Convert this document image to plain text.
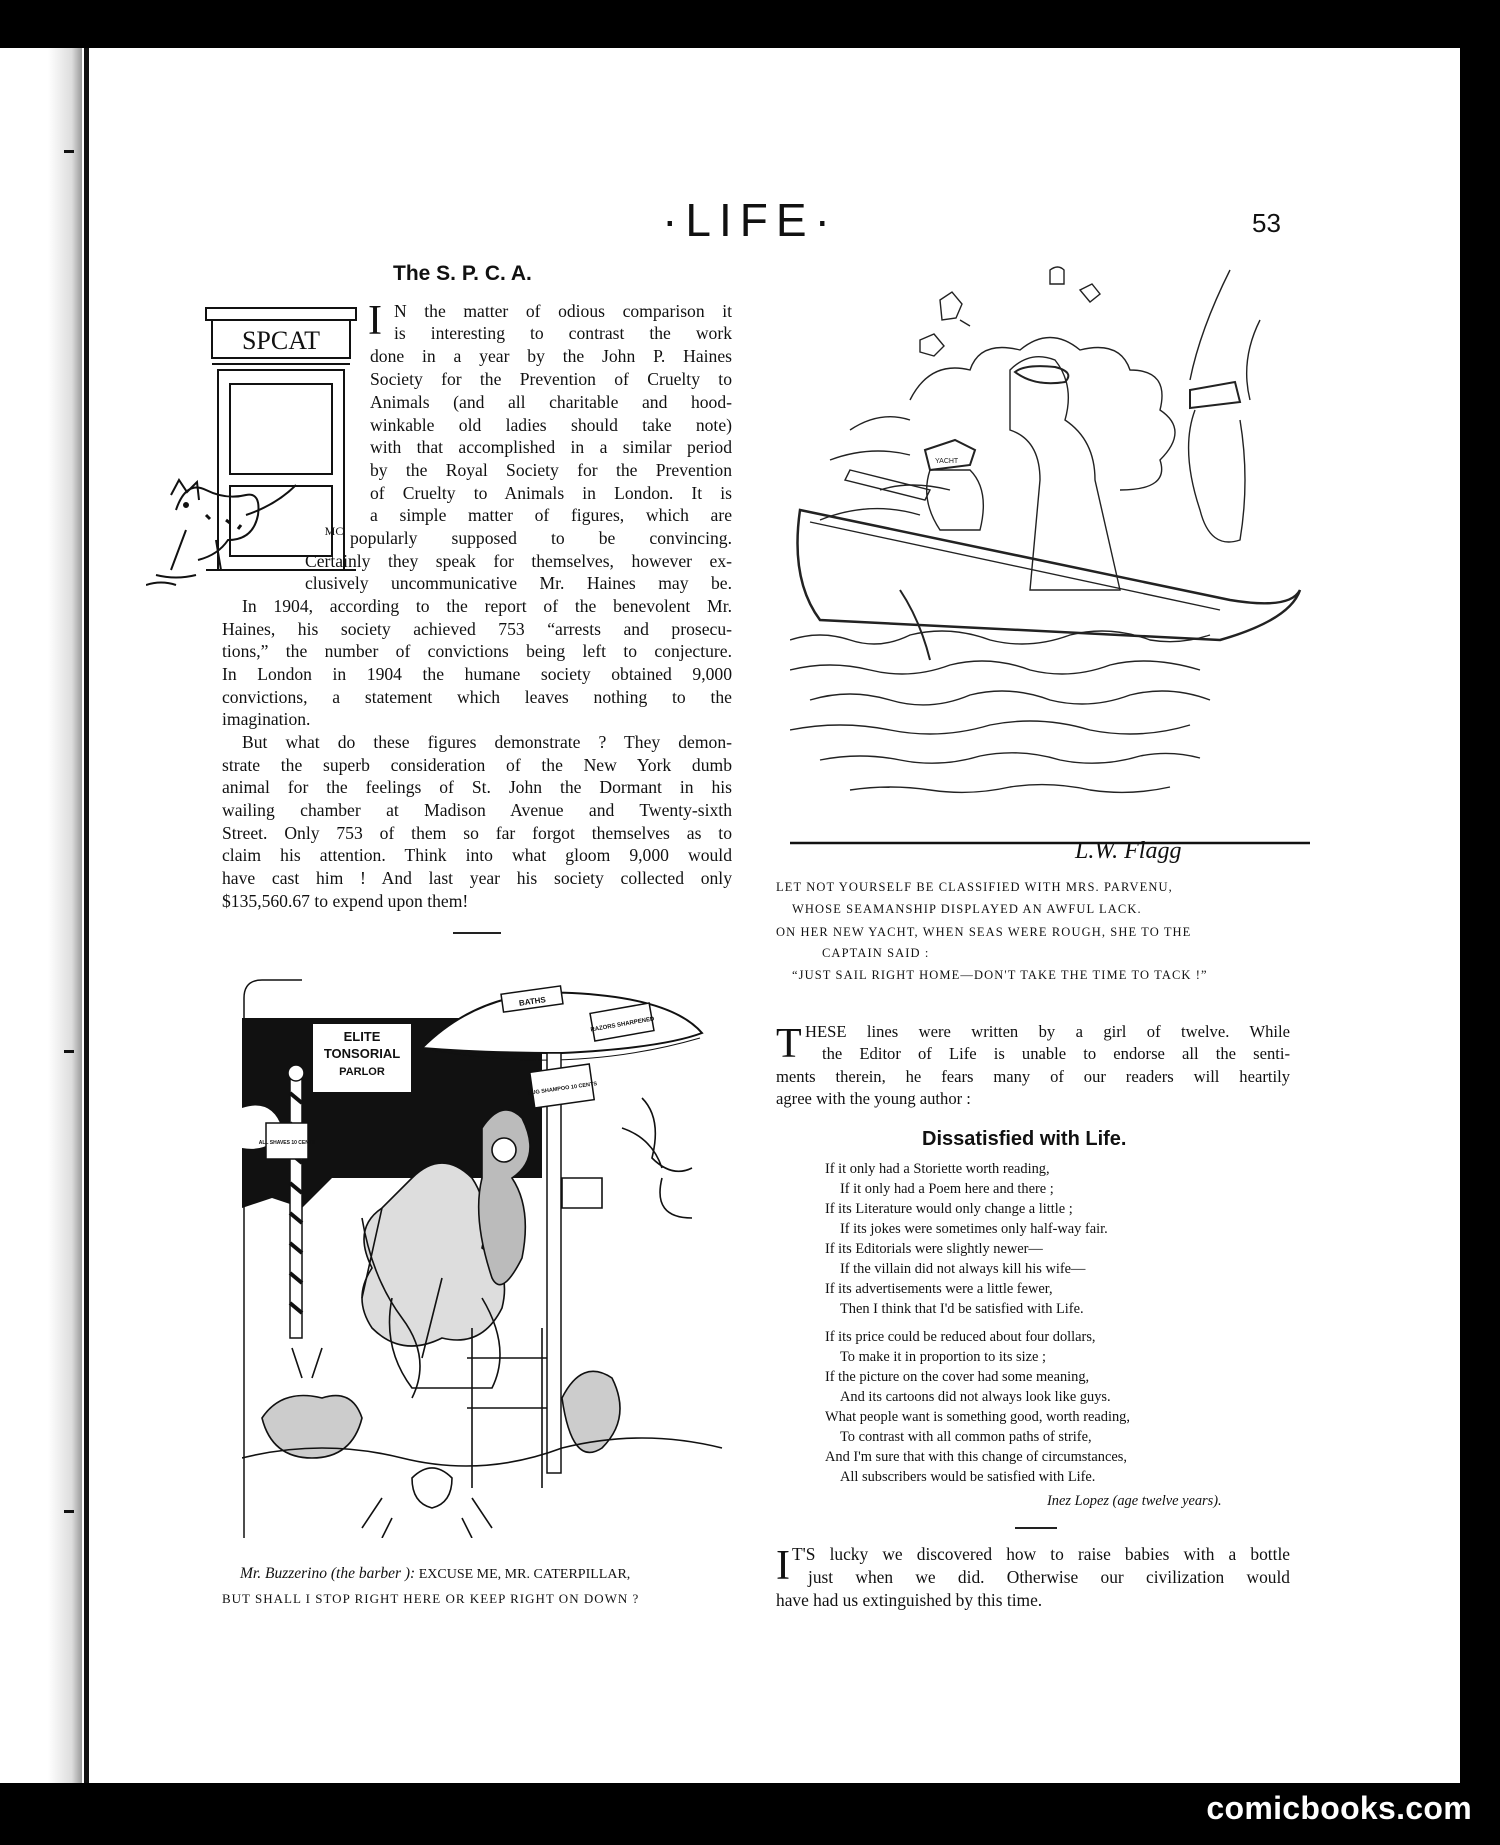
·LIFE·	53
The S. P. C. A.
SPCAT
MC
I N the matter of odious comparison it
is interesting to contrast the work
done in a year by the John P. Haines
Society for the Prevention of Cruelty to
Animals (and all charitable and hood-
winkable old ladies should take note)
with that accomplished in a similar period
by the Royal Society for the Prevention
of Cruelty to Animals in London. It is
a simple matter of figures, which are
popularly supposed to be convincing.
Certainly they speak for themselves, however ex-
clusively uncommunicative Mr. Haines may be.
In 1904, according to the report of the benevolent Mr.
Haines, his society achieved 753 “arrests and prosecu-
tions,” the number of convictions being left to conjecture.
In London in 1904 the humane society obtained 9,000
convictions, a statement which leaves nothing to the
imagination.
But what do these figures demonstrate ? They demon-
strate the superb consideration of the New York dumb
animal for the feelings of St. John the Dormant in his
wailing chamber at Madison Avenue and Twenty-sixth
Street. Only 753 of them so far forgot themselves as to
claim his attention. Think into what gloom 9,000 would
have cast him ! And last year his society collected only
$135,560.67 to expend upon them!
YACHT
L.W. Flagg
LET NOT YOURSELF BE CLASSIFIED WITH MRS. PARVENU,
WHOSE SEAMANSHIP DISPLAYED AN AWFUL LACK.
ON HER NEW YACHT, WHEN SEAS WERE ROUGH, SHE TO THE
CAPTAIN SAID :
“JUST SAIL RIGHT HOME—DON'T TAKE THE TIME TO TACK !”
ELITE
TONSORIAL
PARLOR
BATHS
RAZORS SHARPENED
BUG SHAMPOO 10 CENTS
ALL SHAVES 10 CENTS
Mr. Buzzerino (the barber ): EXCUSE ME, MR. CATERPILLAR,
BUT SHALL I STOP RIGHT HERE OR KEEP RIGHT ON DOWN ?
T HESE lines were written by a girl of twelve. While
the Editor of Life is unable to endorse all the senti-
ments therein, he fears many of our readers will heartily
agree with the young author :
Dissatisfied with Life.
If it only had a Storiette worth reading,
If it only had a Poem here and there ;
If its Literature would only change a little ;
If its jokes were sometimes only half-way fair.
If its Editorials were slightly newer—
If the villain did not always kill his wife—
If its advertisements were a little fewer,
Then I think that I'd be satisfied with Life.
If its price could be reduced about four dollars,
To make it in proportion to its size ;
If the picture on the cover had some meaning,
And its cartoons did not always look like guys.
What people want is something good, worth reading,
To contrast with all common paths of strife,
And I'm sure that with this change of circumstances,
All subscribers would be satisfied with Life.
Inez Lopez (age twelve years).
I T'S lucky we discovered how to raise babies with a bottle
just when we did. Otherwise our civilization would
have had us extinguished by this time.
comicbooks.com
